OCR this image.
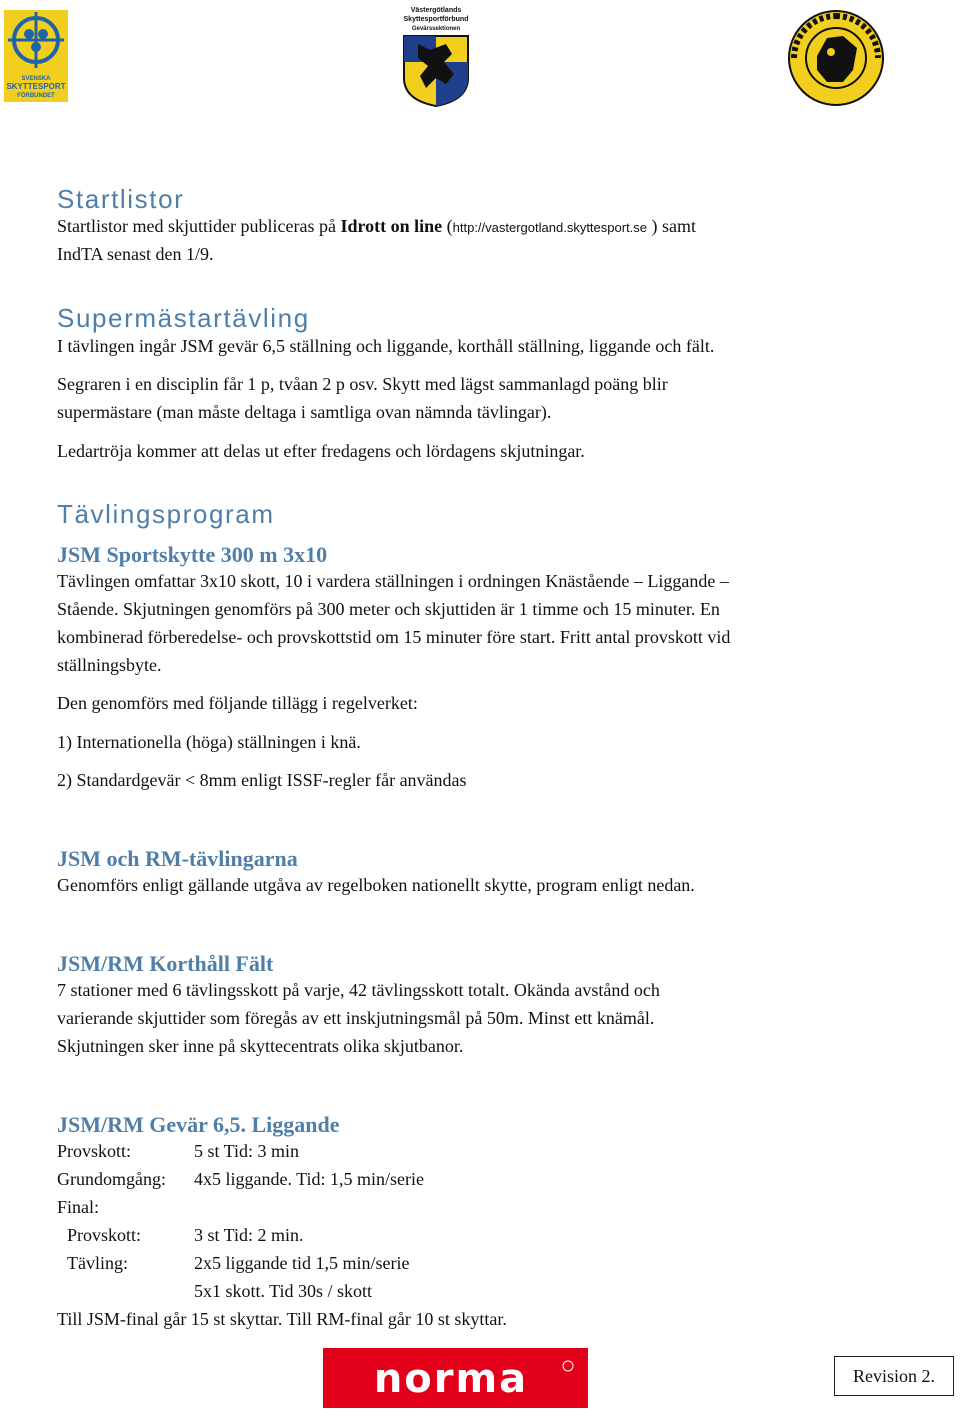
SVENSKA
SKYTTESPORT
FÖRBUNDET
Västergötlands
Skyttesportförbund
Gevärssektionen
Startlistor
Startlistor med skjuttider publiceras på Idrott on line (http://vastergotland.skyttesport.se ) samt
IndTA senast den 1/9.
Supermästartävling
I tävlingen ingår JSM gevär 6,5 ställning och liggande, korthåll ställning, liggande och fält.
Segraren i en disciplin får 1 p, tvåan 2 p osv. Skytt med lägst sammanlagd poäng blir
supermästare (man måste deltaga i samtliga ovan nämnda tävlingar).
Ledartröja kommer att delas ut efter fredagens och lördagens skjutningar.
Tävlingsprogram
JSM Sportskytte 300 m 3x10
Tävlingen omfattar 3x10 skott, 10 i vardera ställningen i ordningen Knästående – Liggande –
Stående. Skjutningen genomförs på 300 meter och skjuttiden är 1 timme och 15 minuter. En
kombinerad förberedelse- och provskottstid om 15 minuter före start. Fritt antal provskott vid
ställningsbyte.
Den genomförs med följande tillägg i regelverket:
1) Internationella (höga) ställningen i knä.
2) Standardgevär < 8mm enligt ISSF-regler får användas
JSM och RM-tävlingarna
Genomförs enligt gällande utgåva av regelboken nationellt skytte, program enligt nedan.
JSM/RM Korthåll Fält
7 stationer med 6 tävlingsskott på varje, 42 tävlingsskott totalt. Okända avstånd och
varierande skjuttider som föregås av ett inskjutningsmål på 50m. Minst ett knämål.
Skjutningen sker inne på skyttecentrats olika skjutbanor.
JSM/RM Gevär 6,5. Liggande
Provskott:	5 st Tid: 3 min
Grundomgång: 4x5 liggande. Tid: 1,5 min/serie
Final:
Provskott:	3 st Tid: 2 min.
Tävling:	2x5 liggande tid 1,5 min/serie
5x1 skott. Tid 30s / skott
Till JSM-final går 15 st skyttar. Till RM-final går 10 st skyttar.
norma	Revision 2.
